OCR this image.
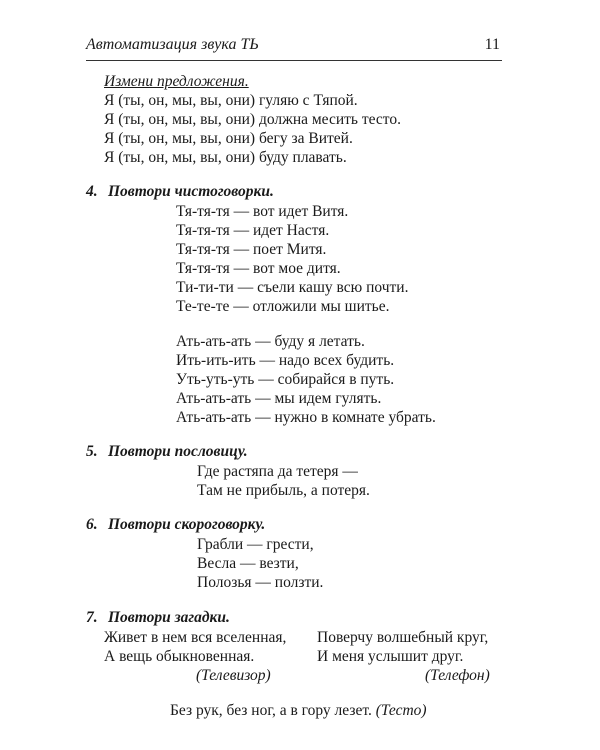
Автоматизация звука ТЬ	11
Измени предложения.
Я (ты, он, мы, вы, они) гуляю с Тяпой.
Я (ты, он, мы, вы, они) должна месить тесто.
Я (ты, он, мы, вы, они) бегу за Витей.
Я (ты, он, мы, вы, они) буду плавать.
4. Повтори чистоговорки.
Тя-тя-тя — вот идет Витя.
Тя-тя-тя — идет Настя.
Тя-тя-тя — поет Митя.
Тя-тя-тя — вот мое дитя.
Ти-ти-ти — съели кашу всю почти.
Те-те-те — отложили мы шитье.
Ать-ать-ать — буду я летать.
Ить-ить-ить — надо всех будить.
Уть-уть-уть — собирайся в путь.
Ать-ать-ать — мы идем гулять.
Ать-ать-ать — нужно в комнате убрать.
5. Повтори пословицу.
Где растяпа да тетеря —
Там не прибыль, а потеря.
6. Повтори скороговорку.
Грабли — грести,
Весла — везти,
Полозья — ползти.
7. Повтори загадки.
Живет в нем вся вселенная,
А вещь обыкновенная.
(Телевизор)
Поверчу волшебный круг,
И меня услышит друг.
(Телефон)
Без рук, без ног, а в гору лезет. (Тесто)
